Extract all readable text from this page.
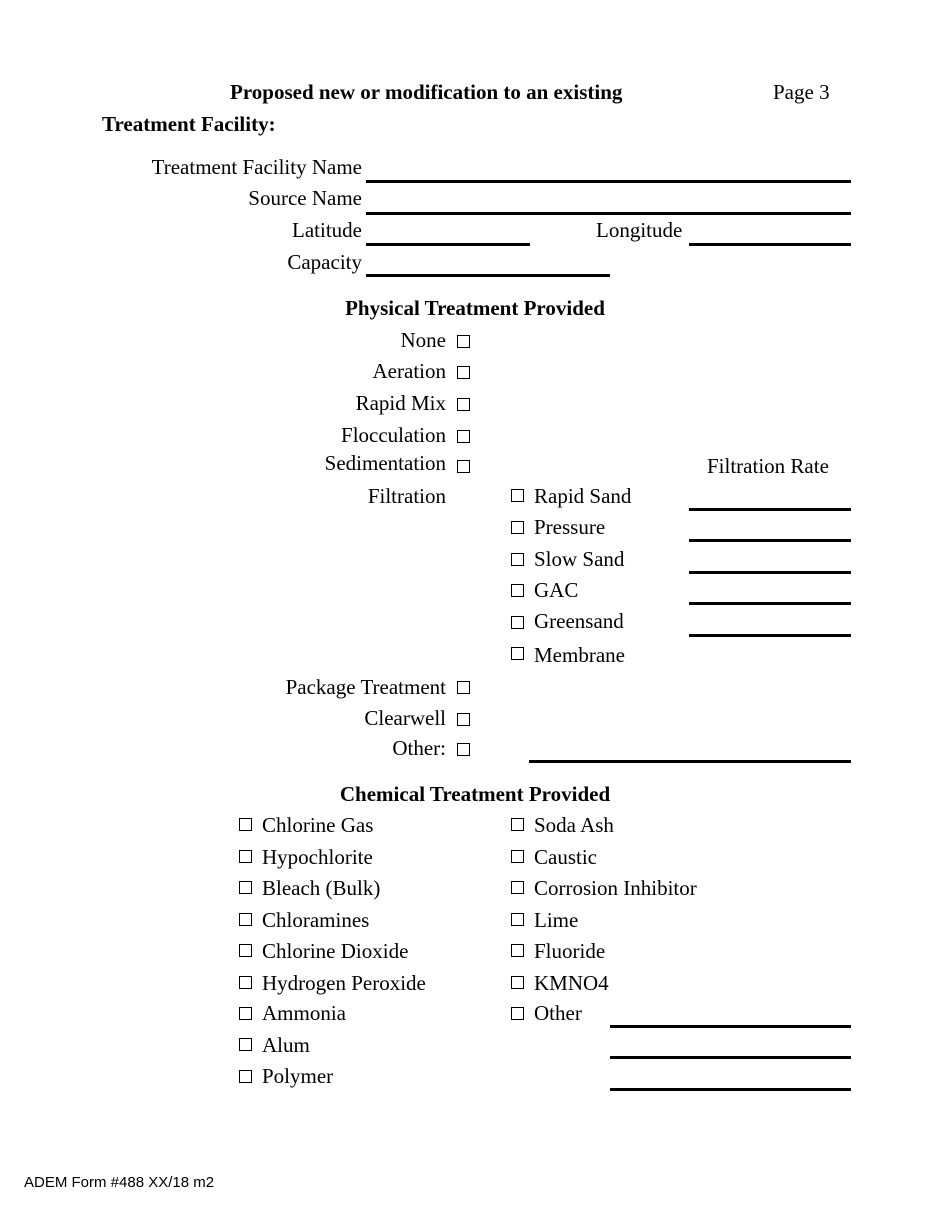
Proposed new or modification to an existing	Page 3
Treatment Facility:
Treatment Facility Name
Source Name
Latitude	Longitude
Capacity
Physical Treatment Provided
None
Aeration
Rapid Mix
Flocculation
Sedimentation	Filtration Rate
Filtration	Rapid Sand
Pressure
Slow Sand
GAC
Greensand
Membrane
Package Treatment
Clearwell
Other:
Chemical Treatment Provided
Chlorine Gas
Hypochlorite
Bleach (Bulk)
Chloramines
Chlorine Dioxide
Hydrogen Peroxide
Ammonia
Alum
Polymer
Soda Ash
Caustic
Corrosion Inhibitor
Lime
Fluoride
KMNO4
Other
ADEM Form #488 XX/18 m2
